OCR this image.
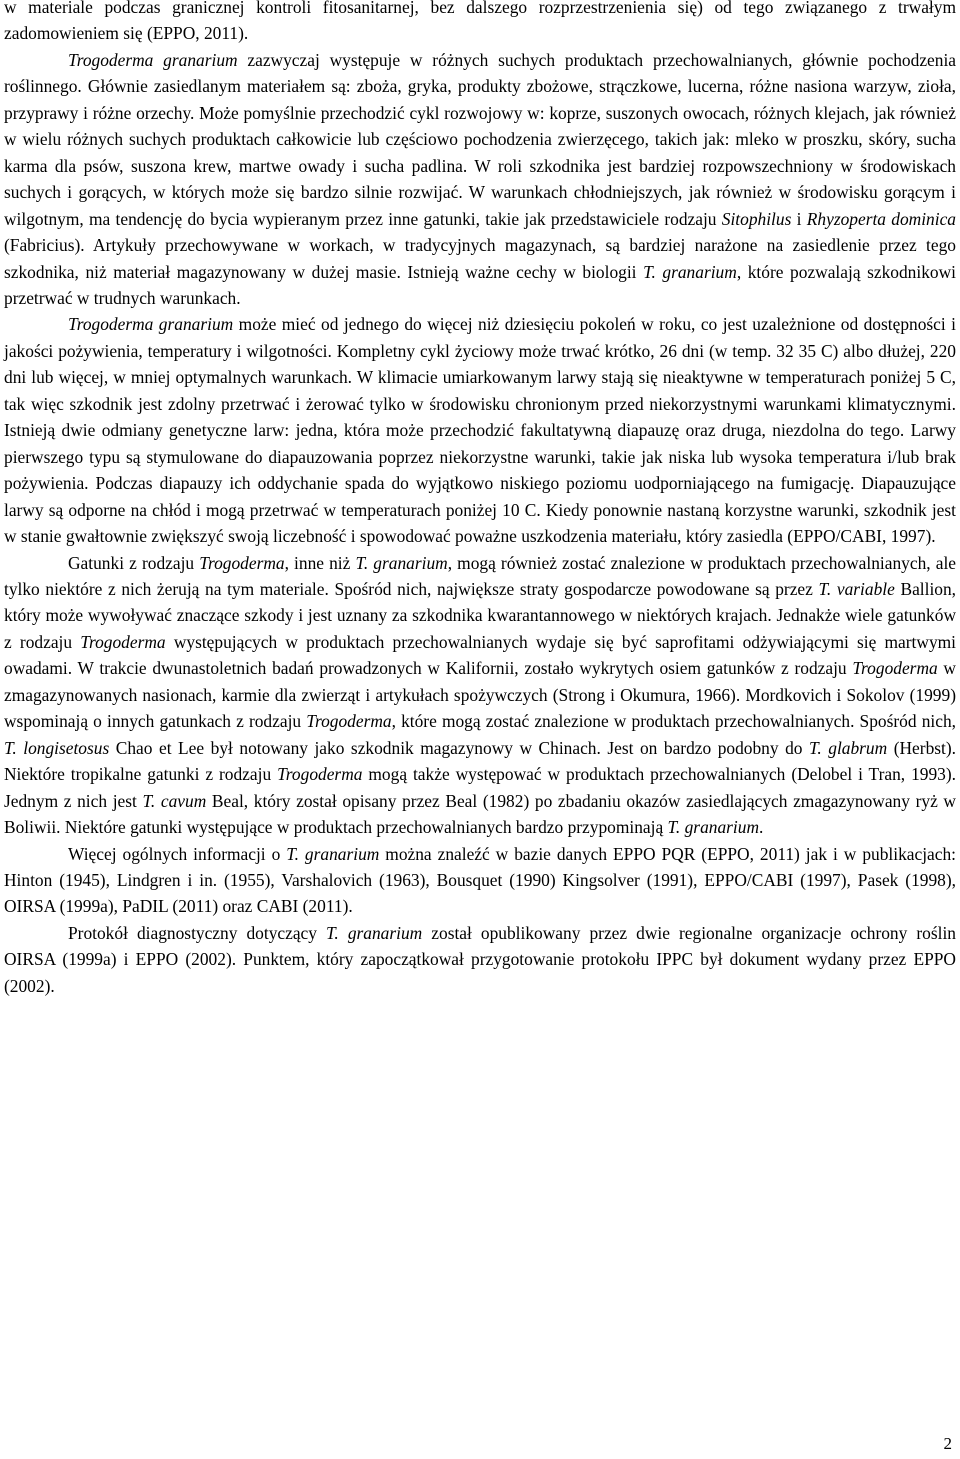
w materiale podczas granicznej kontroli fitosanitarnej, bez dalszego rozprzestrzenienia się) od tego związanego z trwałym zadomowieniem się (EPPO, 2011).
Trogoderma granarium zazwyczaj występuje w różnych suchych produktach przechowalnianych, głównie pochodzenia roślinnego. Głównie zasiedlanym materiałem są: zboża, gryka, produkty zbożowe, strączkowe, lucerna, różne nasiona warzyw, zioła, przyprawy i różne orzechy. Może pomyślnie przechodzić cykl rozwojowy w: koprze, suszonych owocach, różnych klejach, jak również w wielu różnych suchych produktach całkowicie lub częściowo pochodzenia zwierzęcego, takich jak: mleko w proszku, skóry, sucha karma dla psów, suszona krew, martwe owady i sucha padlina. W roli szkodnika jest bardziej rozpowszechniony w środowiskach suchych i gorących, w których może się bardzo silnie rozwijać. W warunkach chłodniejszych, jak również w środowisku gorącym i wilgotnym, ma tendencję do bycia wypieranym przez inne gatunki, takie jak przedstawiciele rodzaju Sitophilus i Rhyzoperta dominica (Fabricius). Artykuły przechowywane w workach, w tradycyjnych magazynach, są bardziej narażone na zasiedlenie przez tego szkodnika, niż materiał magazynowany w dużej masie. Istnieją ważne cechy w biologii T. granarium, które pozwalają szkodnikowi przetrwać w trudnych warunkach.
Trogoderma granarium może mieć od jednego do więcej niż dziesięciu pokoleń w roku, co jest uzależnione od dostępności i jakości pożywienia, temperatury i wilgotności. Kompletny cykl życiowy może trwać krótko, 26 dni (w temp. 32 35 C) albo dłużej, 220 dni lub więcej, w mniej optymalnych warunkach. W klimacie umiarkowanym larwy stają się nieaktywne w temperaturach poniżej 5 C, tak więc szkodnik jest zdolny przetrwać i żerować tylko w środowisku chronionym przed niekorzystnymi warunkami klimatycznymi. Istnieją dwie odmiany genetyczne larw: jedna, która może przechodzić fakultatywną diapauzę oraz druga, niezdolna do tego. Larwy pierwszego typu są stymulowane do diapauzowania poprzez niekorzystne warunki, takie jak niska lub wysoka temperatura i/lub brak pożywienia. Podczas diapauzy ich oddychanie spada do wyjątkowo niskiego poziomu uodporniającego na fumigację. Diapauzujące larwy są odporne na chłód i mogą przetrwać w temperaturach poniżej 10 C. Kiedy ponownie nastaną korzystne warunki, szkodnik jest w stanie gwałtownie zwiększyć swoją liczebność i spowodować poważne uszkodzenia materiału, który zasiedla (EPPO/CABI, 1997).
Gatunki z rodzaju Trogoderma, inne niż T. granarium, mogą również zostać znalezione w produktach przechowalnianych, ale tylko niektóre z nich żerują na tym materiale. Spośród nich, największe straty gospodarcze powodowane są przez T. variable Ballion, który może wywoływać znaczące szkody i jest uznany za szkodnika kwarantannowego w niektórych krajach. Jednakże wiele gatunków z rodzaju Trogoderma występujących w produktach przechowalnianych wydaje się być saprofitami odżywiającymi się martwymi owadami. W trakcie dwunastoletnich badań prowadzonych w Kalifornii, zostało wykrytych osiem gatunków z rodzaju Trogoderma w zmagazynowanych nasionach, karmie dla zwierząt i artykułach spożywczych (Strong i Okumura, 1966). Mordkovich i Sokolov (1999) wspominają o innych gatunkach z rodzaju Trogoderma, które mogą zostać znalezione w produktach przechowalnianych. Spośród nich, T. longisetosus Chao et Lee był notowany jako szkodnik magazynowy w Chinach. Jest on bardzo podobny do T. glabrum (Herbst). Niektóre tropikalne gatunki z rodzaju Trogoderma mogą także występować w produktach przechowalnianych (Delobel i Tran, 1993). Jednym z nich jest T. cavum Beal, który został opisany przez Beal (1982) po zbadaniu okazów zasiedlających zmagazynowany ryż w Boliwii. Niektóre gatunki występujące w produktach przechowalnianych bardzo przypominają T. granarium.
Więcej ogólnych informacji o T. granarium można znaleźć w bazie danych EPPO PQR (EPPO, 2011) jak i w publikacjach: Hinton (1945), Lindgren i in. (1955), Varshalovich (1963), Bousquet (1990) Kingsolver (1991), EPPO/CABI (1997), Pasek (1998), OIRSA (1999a), PaDIL (2011) oraz CABI (2011).
Protokół diagnostyczny dotyczący T. granarium został opublikowany przez dwie regionalne organizacje ochrony roślin OIRSA (1999a) i EPPO (2002). Punktem, który zapoczątkował przygotowanie protokołu IPPC był dokument wydany przez EPPO (2002).
2
